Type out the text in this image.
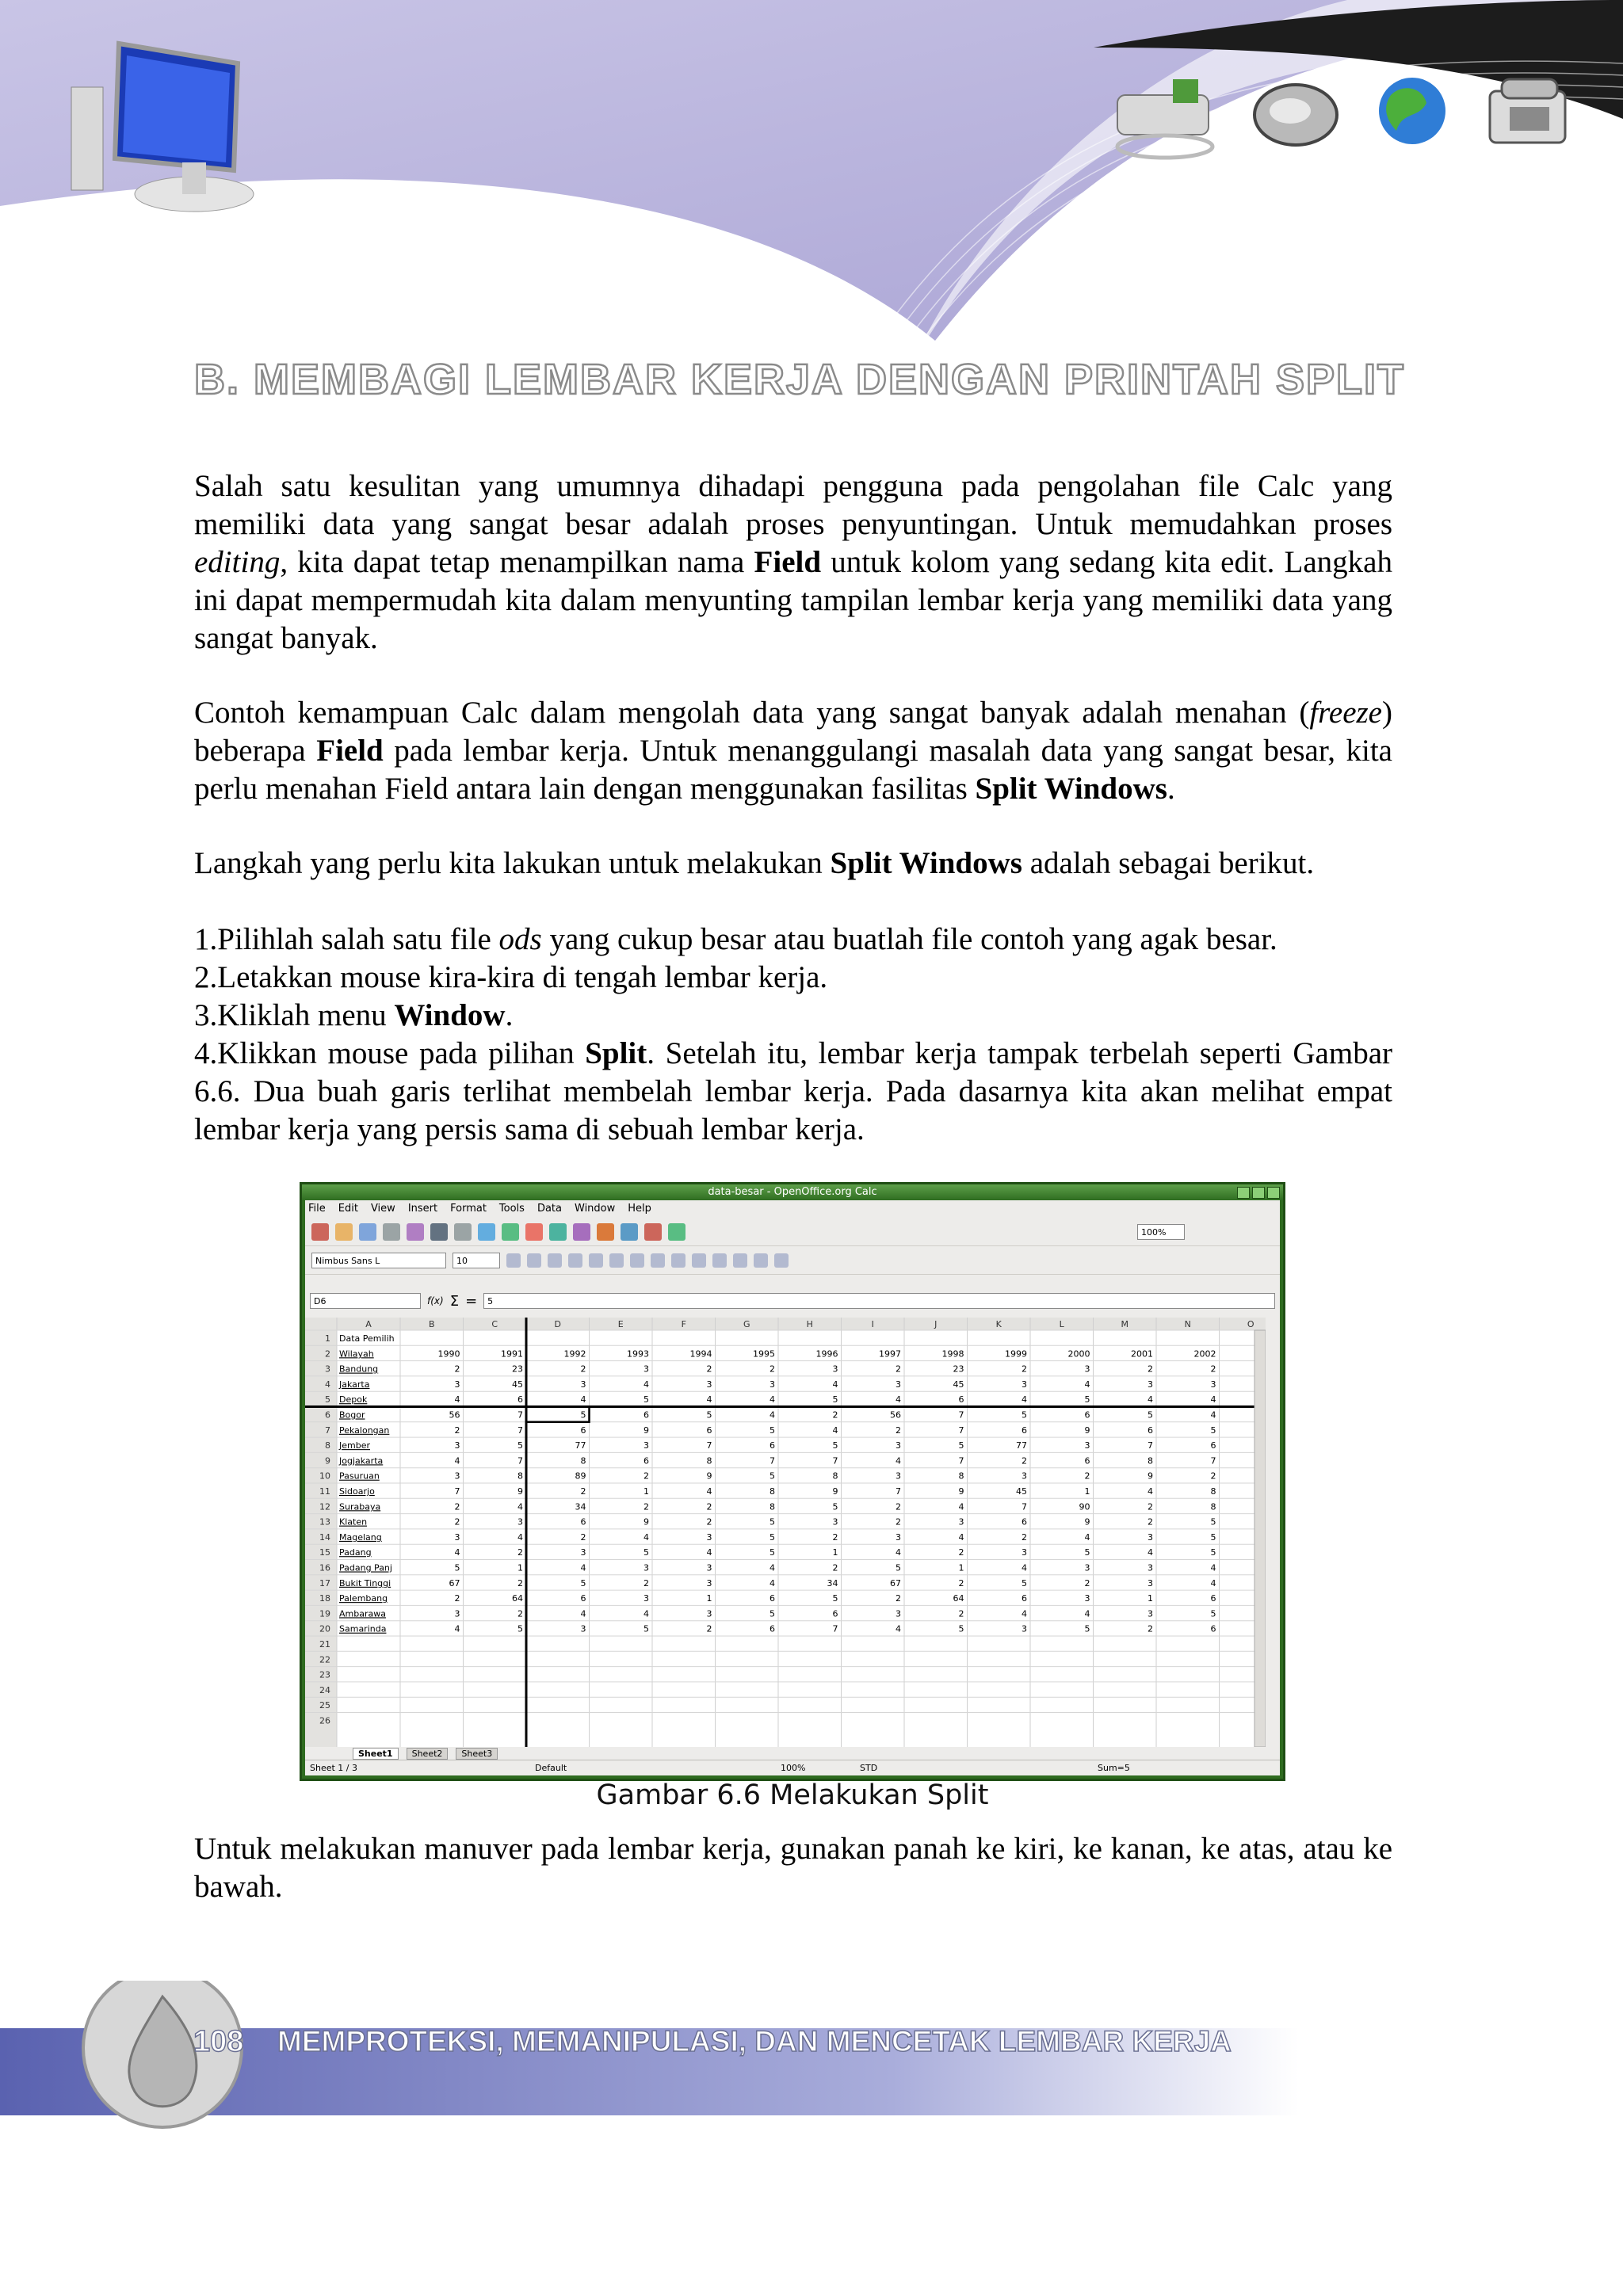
B. MEMBAGI LEMBAR KERJA DENGAN PRINTAH SPLIT

Salah satu kesulitan yang umumnya dihadapi pengguna pada pengolahan file Calc yang memiliki data yang sangat besar adalah proses penyuntingan. Untuk memudahkan proses editing, kita dapat tetap menampilkan nama Field untuk kolom yang sedang kita edit. Langkah ini dapat mempermudah kita dalam menyunting tampilan lembar kerja yang memiliki data yang sangat banyak.

Contoh kemampuan Calc dalam mengolah data yang sangat banyak adalah menahan (freeze) beberapa Field pada lembar kerja. Untuk menanggulangi masalah data yang sangat besar, kita perlu menahan Field antara lain dengan menggunakan fasilitas Split Windows.

Langkah yang perlu kita lakukan untuk melakukan Split Windows adalah sebagai berikut.

1.Pilihlah salah satu file ods yang cukup besar atau buatlah file contoh yang agak besar.

2.Letakkan mouse kira-kira di tengah lembar kerja.

3.Kliklah menu Window.

4.Klikkan mouse pada pilihan Split. Setelah itu, lembar kerja tampak terbelah seperti Gambar 6.6. Dua buah garis terlihat membelah lembar kerja. Pada dasarnya kita akan melihat empat lembar kerja yang persis sama di sebuah lembar kerja.

data-besar - OpenOffice.org Calc
File Edit View Insert Format Tools Data Window Help
100%
Nimbus Sans L	10
D6	f(x) Σ =	5
A	B	C	D	E	F	G	H	I	J	K	L	M	N	O
1 Data Pemilih
2 Wilayah	1990	1991	1992	1993	1994	1995	1996	1997	1998	1999	2000	2001	2002
3 Bandung	2	23	2	3	2	2	3	2	23	2	3	2	2
4 Jakarta	3	45	3	4	3	3	4	3	45	3	4	3	3
5 Depok	4	6	4	5	4	4	5	4	6	4	5	4	4
6 Bogor	56	7	5	6	5	4	2	56	7	5	6	5	4
7 Pekalongan	2	7	6	9	6	5	4	2	7	6	9	6	5
8 Jember	3	5	77	3	7	6	5	3	5	77	3	7	6
9 Jogjakarta	4	7	8	6	8	7	7	4	7	2	6	8	7
10 Pasuruan	3	8	89	2	9	5	8	3	8	3	2	9	2
11 Sidoarjo	7	9	2	1	4	8	9	7	9	45	1	4	8
12 Surabaya	2	4	34	2	2	8	5	2	4	7	90	2	8
13 Klaten	2	3	6	9	2	5	3	2	3	6	9	2	5
14 Magelang	3	4	2	4	3	5	2	3	4	2	4	3	5
15 Padang	4	2	3	5	4	5	1	4	2	3	5	4	5
16 Padang Panj	5	1	4	3	3	4	2	5	1	4	3	3	4
17 Bukit Tinggi	67	2	5	2	3	4	34	67	2	5	2	3	4
18 Palembang	2	64	6	3	1	6	5	2	64	6	3	1	6
19 Ambarawa	3	2	4	4	3	5	6	3	2	4	4	3	5
20 Samarinda	4	5	3	5	2	6	7	4	5	3	5	2	6
21
22
23
24
25
26
Sheet1	Sheet2	Sheet3
Sheet 1 / 3	Default	100%	STD	Sum=5
Gambar 6.6 Melakukan Split
Untuk melakukan manuver pada lembar kerja, gunakan panah ke kiri, ke kanan, ke atas, atau ke bawah.
108 MEMPROTEKSI, MEMANIPULASI, DAN MENCETAK LEMBAR KERJA
